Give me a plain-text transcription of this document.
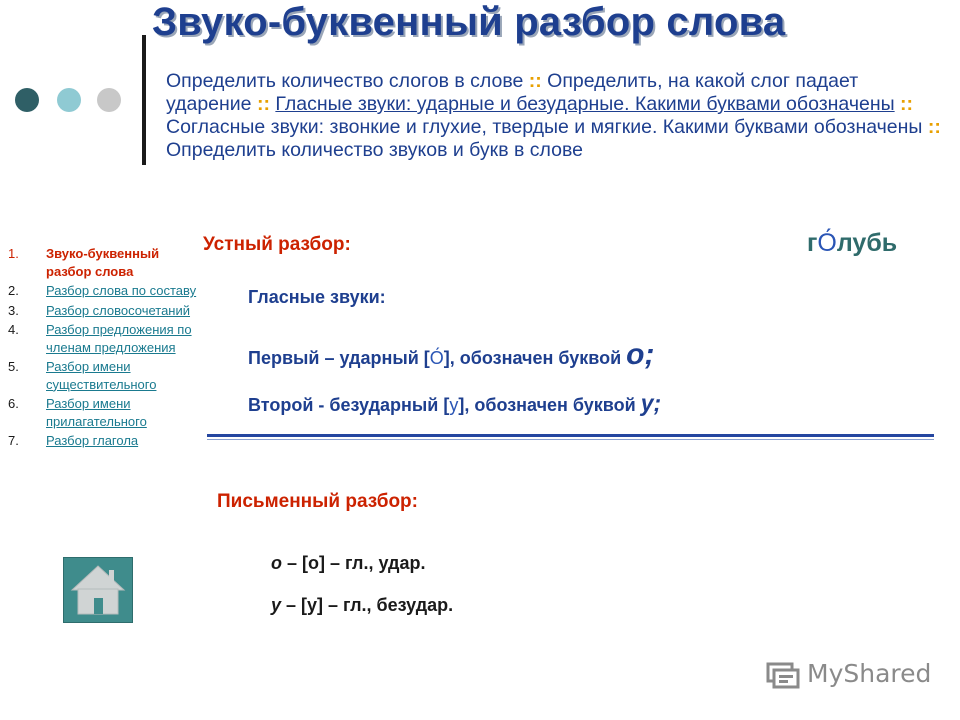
Звуко-буквенный разбор слова
Определить количество слогов в слове :: Определить, на какой слог падает ударение :: Гласные звуки: ударные и безударные. Какими буквами обозначены :: Согласные звуки: звонкие и глухие, твердые и мягкие. Какими буквами обозначены :: Определить количество звуков и букв в слове
1.	Звуко-буквенный разбор слова
2.	Разбор слова по составу
3.	Разбор словосочетаний
4.	Разбор предложения по членам предложения
5.	Разбор имени существительного
6.	Разбор имени прилагательного
7.	Разбор глагола
Устный разбор:	гО́лубь
Гласные звуки:
Первый – ударный [О́], обозначен буквой о;
Второй - безударный [у], обозначен буквой у;
Письменный разбор:
о – [о] – гл., удар.
у – [у] – гл., безудар.
MyShared
